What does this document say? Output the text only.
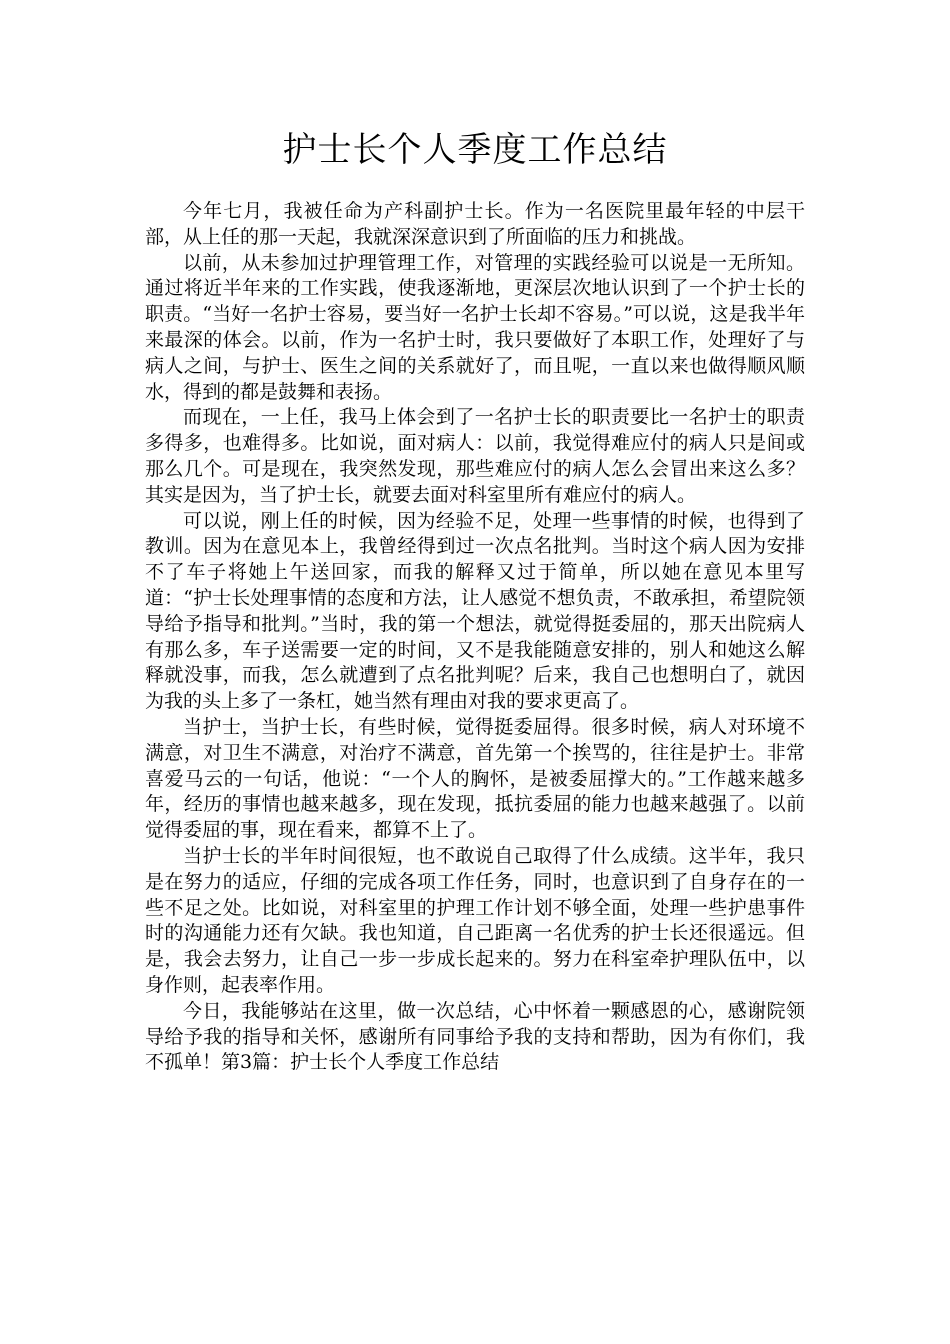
护士长个人季度工作总结

今年七月，我被任命为产科副护士长。作为一名医院里最年轻的中层干部，从上任的那一天起，我就深深意识到了所面临的压力和挑战。

以前，从未参加过护理管理工作，对管理的实践经验可以说是一无所知。通过将近半年来的工作实践，使我逐渐地，更深层次地认识到了一个护士长的职责。“当好一名护士容易，要当好一名护士长却不容易。”可以说，这是我半年来最深的体会。以前，作为一名护士时，我只要做好了本职工作，处理好了与病人之间，与护士、医生之间的关系就好了，而且呢，一直以来也做得顺风顺水，得到的都是鼓舞和表扬。

而现在，一上任，我马上体会到了一名护士长的职责要比一名护士的职责多得多，也难得多。比如说，面对病人：以前，我觉得难应付的病人只是间或那么几个。可是现在，我突然发现，那些难应付的病人怎么会冒出来这么多？其实是因为，当了护士长，就要去面对科室里所有难应付的病人。

可以说，刚上任的时候，因为经验不足，处理一些事情的时候，也得到了教训。因为在意见本上，我曾经得到过一次点名批判。当时这个病人因为安排不了车子将她上午送回家，而我的解释又过于简单，所以她在意见本里写道：“护士长处理事情的态度和方法，让人感觉不想负责，不敢承担，希望院领导给予指导和批判。”当时，我的第一个想法，就觉得挺委屈的，那天出院病人有那么多，车子送需要一定的时间，又不是我能随意安排的，别人和她这么解释就没事，而我，怎么就遭到了点名批判呢？后来，我自己也想明白了，就因为我的头上多了一条杠，她当然有理由对我的要求更高了。

当护士，当护士长，有些时候，觉得挺委屈得。很多时候，病人对环境不满意，对卫生不满意，对治疗不满意，首先第一个挨骂的，往往是护士。非常喜爱马云的一句话，他说：“一个人的胸怀，是被委屈撑大的。”工作越来越多年，经历的事情也越来越多，现在发现，抵抗委屈的能力也越来越强了。以前觉得委屈的事，现在看来，都算不上了。

当护士长的半年时间很短，也不敢说自己取得了什么成绩。这半年，我只是在努力的适应，仔细的完成各项工作任务，同时，也意识到了自身存在的一些不足之处。比如说，对科室里的护理工作计划不够全面，处理一些护患事件时的沟通能力还有欠缺。我也知道，自己距离一名优秀的护士长还很遥远。但是，我会去努力，让自己一步一步成长起来的。努力在科室牵护理队伍中，以身作则，起表率作用。

今日，我能够站在这里，做一次总结，心中怀着一颗感恩的心，感谢院领导给予我的指导和关怀，感谢所有同事给予我的支持和帮助，因为有你们，我不孤单！第3篇：护士长个人季度工作总结
